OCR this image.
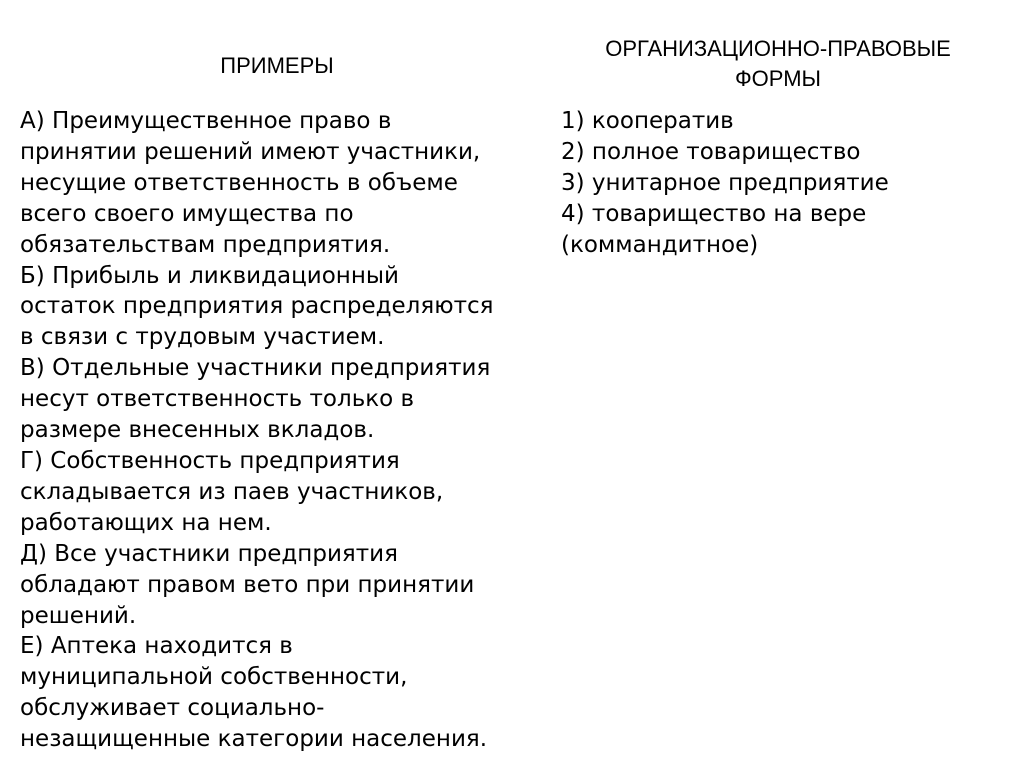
ПРИМЕРЫ
ОРГАНИЗАЦИОННО-ПРАВОВЫЕ
ФОРМЫ

А) Преимущественное право в

принятии решений имеют участники,

несущие ответственность в объеме

всего своего имущества по

обязательствам предприятия.

Б) Прибыль и ликвидационный

остаток предприятия распределяются

в связи с трудовым участием.

В) Отдельные участники предприятия

несут ответственность только в

размере внесенных вкладов.

Г) Собственность предприятия

складывается из паев участников,

работающих на нем.

Д) Все участники предприятия

обладают правом вето при принятии

решений.

Е) Аптека находится в

муниципальной собственности,

обслуживает социально-

незащищенные категории населения.

1) кооператив

2) полное товарищество

3) унитарное предприятие

4) товарищество на вере

(коммандитное)
